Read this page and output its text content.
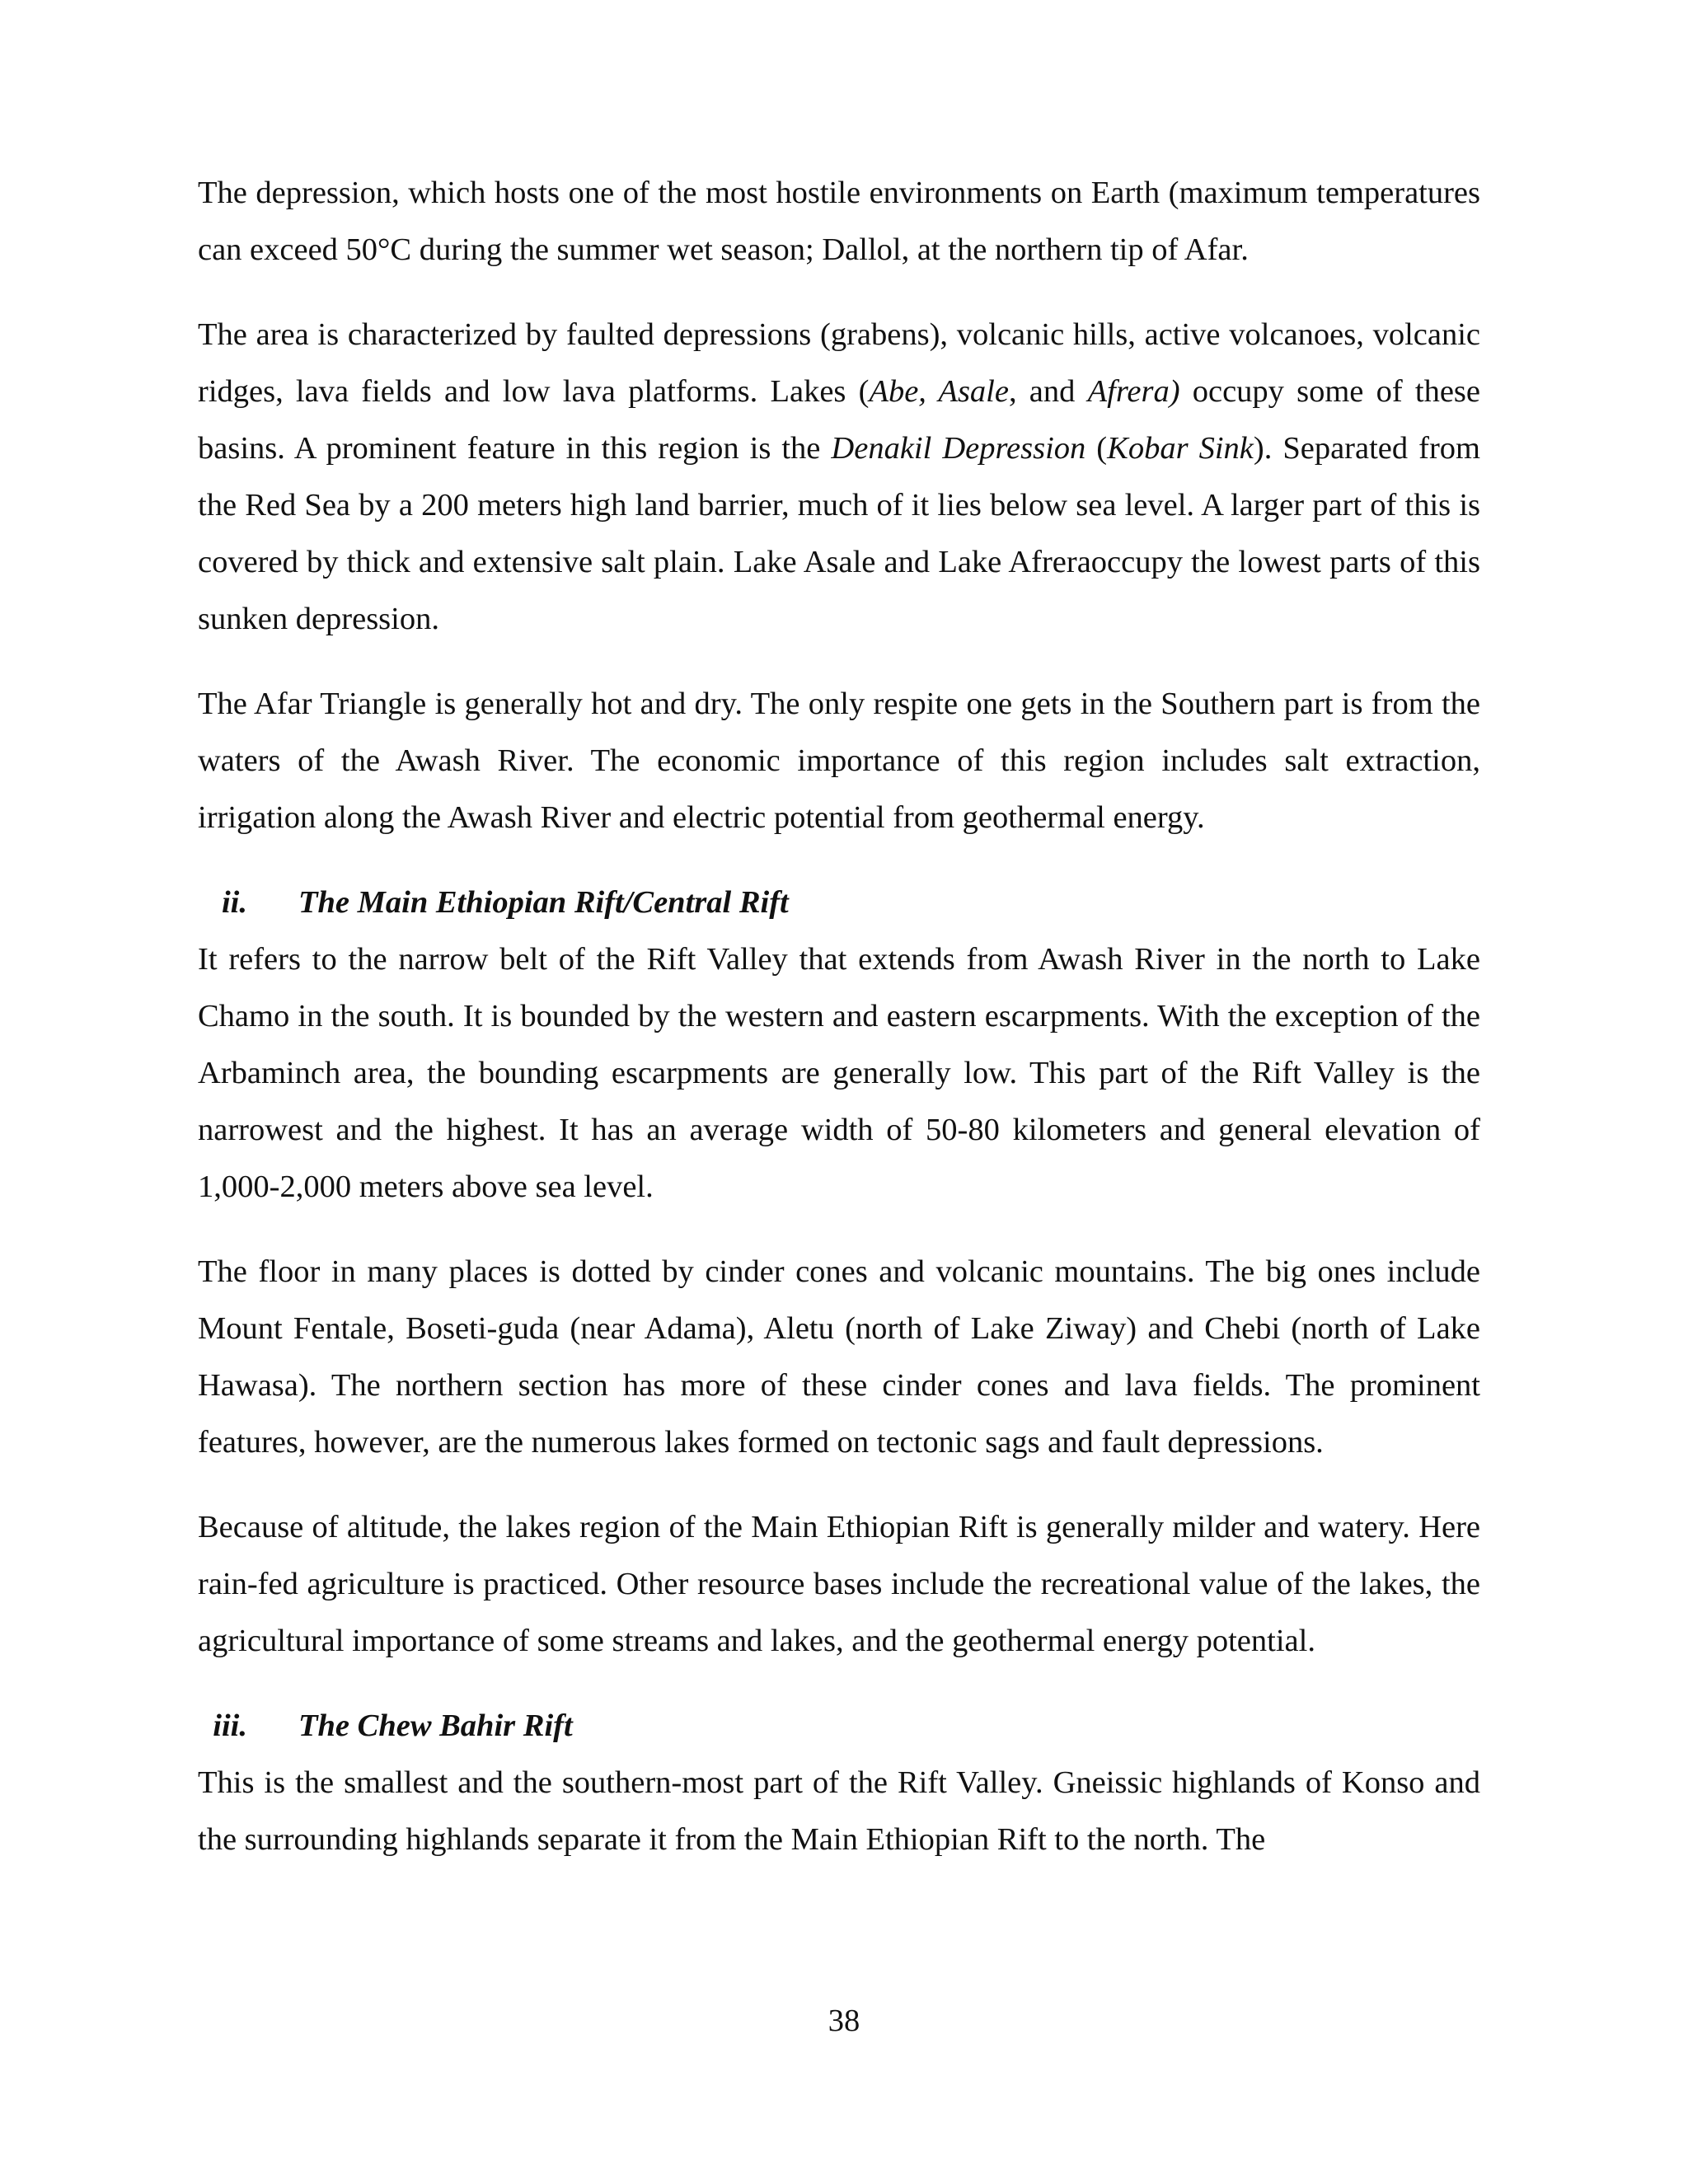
The depression, which hosts one of the most hostile environments on Earth (maximum temperatures can exceed 50°C during the summer wet season; Dallol, at the northern tip of Afar.

The area is characterized by faulted depressions (grabens), volcanic hills, active volcanoes, volcanic ridges, lava fields and low lava platforms. Lakes (Abe, Asale, and Afrera) occupy some of these basins. A prominent feature in this region is the Denakil Depression (Kobar Sink). Separated from the Red Sea by a 200 meters high land barrier, much of it lies below sea level. A larger part of this is covered by thick and extensive salt plain. Lake Asale and Lake Afreraoccupy the lowest parts of this sunken depression.

The Afar Triangle is generally hot and dry. The only respite one gets in the Southern part is from the waters of the Awash River. The economic importance of this region includes salt extraction, irrigation along the Awash River and electric potential from geothermal energy.

ii. The Main Ethiopian Rift/Central Rift

It refers to the narrow belt of the Rift Valley that extends from Awash River in the north to Lake Chamo in the south. It is bounded by the western and eastern escarpments. With the exception of the Arbaminch area, the bounding escarpments are generally low. This part of the Rift Valley is the narrowest and the highest. It has an average width of 50-80 kilometers and general elevation of 1,000-2,000 meters above sea level.

The floor in many places is dotted by cinder cones and volcanic mountains. The big ones include Mount Fentale, Boseti-guda (near Adama), Aletu (north of Lake Ziway) and Chebi (north of Lake Hawasa). The northern section has more of these cinder cones and lava fields. The prominent features, however, are the numerous lakes formed on tectonic sags and fault depressions.

Because of altitude, the lakes region of the Main Ethiopian Rift is generally milder and watery. Here rain-fed agriculture is practiced. Other resource bases include the recreational value of the lakes, the agricultural importance of some streams and lakes, and the geothermal energy potential.

iii. The Chew Bahir Rift

This is the smallest and the southern-most part of the Rift Valley. Gneissic highlands of Konso and the surrounding highlands separate it from the Main Ethiopian Rift to the north. The

38
